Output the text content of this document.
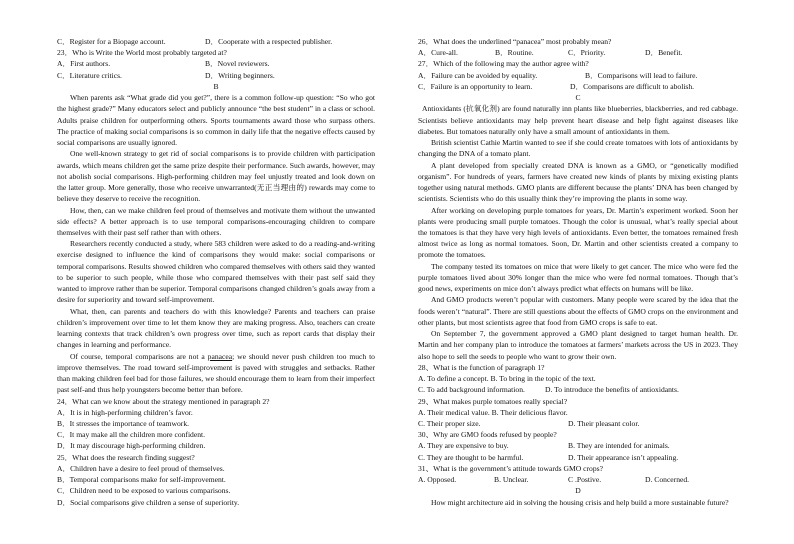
C．Register for a Biopage account.	D．Cooperate with a respected publisher.
23．Who is Write the World most probably targeted at?
A．First authors.	B．Novel reviewers.
C．Literature critics.	D．Writing beginners.
B

When parents ask “What grade did you get?”, there is a common follow-up question: “So who got the highest grade?” Many educators select and publicly announce “the best student” in a class or school. Adults praise children for outperforming others. Sports tournaments award those who surpass others. The practice of making social comparisons is so common in daily life that the negative effects caused by social comparisons are usually ignored.

One well-known strategy to get rid of social comparisons is to provide children with participation awards, which means children get the same prize despite their performance. Such awards, however, may not abolish social comparisons. High-performing children may feel unjustly treated and look down on the latter group. More generally, those who receive unwarranted(无正当理由的) rewards may come to believe they deserve to receive the recognition.

How, then, can we make children feel proud of themselves and motivate them without the unwanted side effects? A better approach is to use temporal comparisons-encouraging children to compare themselves with their past self rather than with others.

Researchers recently conducted a study, where 583 children were asked to do a reading-and-writing exercise designed to influence the kind of comparisons they would make: social comparisons or temporal comparisons. Results showed children who compared themselves with others said they wanted to be superior to such people, while those who compared themselves with their past self said they wanted to improve rather than be superior. Temporal comparisons changed children’s goals away from a desire for superiority and toward self-improvement.

What, then, can parents and teachers do with this knowledge? Parents and teachers can praise children’s improvement over time to let them know they are making progress. Also, teachers can create learning contexts that track children’s own progress over time, such as report cards that display their changes in learning and performance.

Of course, temporal comparisons are not a panacea; we should never push children too much to improve themselves. The road toward self-improvement is paved with struggles and setbacks. Rather than making children feel bad for those failures, we should encourage them to learn from their imperfect past self-and thus help youngsters become better than before.

24．What can we know about the strategy mentioned in paragraph 2?
A．It is in high-performing children’s favor.
B．It stresses the importance of teamwork.
C．It may make all the children more confident.
D．It may discourage high-performing children.
25．What does the research finding suggest?
A．Children have a desire to feel proud of themselves.
B．Temporal comparisons make for self-improvement.
C．Children need to be exposed to various comparisons.
D．Social comparisons give children a sense of superiority.
26．What does the underlined “panacea” most probably mean?
A．Cure-all.	B．Routine.	C．Priority.	D．Benefit.
27．Which of the following may the author agree with?
A．Failure can be avoided by equality.	B．Comparisons will lead to failure.
C．Failure is an opportunity to learn.	D．Comparisons are difficult to abolish.
C

Antioxidants (抗氧化剂) are found naturally inn plants like blueberries, blackberries, and red cabbage. Scientists believe antioxidants may help prevent heart disease and help fight against diseases like diabetes. But tomatoes naturally only have a small amount of antioxidants in them.

British scientist Cathie Martin wanted to see if she could create tomatoes with lots of antioxidants by changing the DNA of a tomato plant.

A plant developed from specially created DNA is known as a GMO, or “genetically modified organism”. For hundreds of years, farmers have created new kinds of plants by mixing existing plants together using natural methods. GMO plants are different because the plants’ DNA has been changed by scientists. Scientists who do this usually think they’re improving the plants in some way.

After working on developing purple tomatoes for years, Dr. Martin’s experiment worked. Soon her plants were producing small purple tomatoes. Though the color is unusual, what’s really special about the tomatoes is that they have very high levels of antioxidants. Even better, the tomatoes remained fresh almost twice as long as normal tomatoes. Soon, Dr. Martin and other scientists created a company to promote the tomatoes.

The company tested its tomatoes on mice that were likely to get cancer. The mice who were fed the purple tomatoes lived about 30% longer than the mice who were fed normal tomatoes. Though that’s good news, experiments on mice don’t always predict what effects on humans will be like.

And GMO products weren’t popular with customers. Many people were scared by the idea that the foods weren’t “natural”. There are still questions about the effects of GMO crops on the environment and other plants, but most scientists agree that food from GMO crops is safe to eat.

On September 7, the government approved a GMO plant designed to target human health. Dr. Martin and her company plan to introduce the tomatoes at farmers’ markets across the US in 2023. They also hope to sell the seeds to people who want to grow their own.

28、What is the function of paragraph 1?
A. To define a concept. B. To bring in the topic of the text.
C. To add background information.	D. To introduce the benefits of antioxidants.
29、What makes purple tomatoes really special?
A. Their medical value. B. Their delicious flavor.
C. Their proper size.	D. Their pleasant color.
30、Why are GMO foods refused by people?
A. They are expensive to buy.	B. They are intended for animals.
C. They are thought to be harmful.	D. Their appearance isn’t appealing.
31、What is the government’s attitude towards GMO crops?
A. Opposed.	B. Unclear.	C .Postive.	D. Concerned.
D

How might architecture aid in solving the housing crisis and help build a more sustainable future?
